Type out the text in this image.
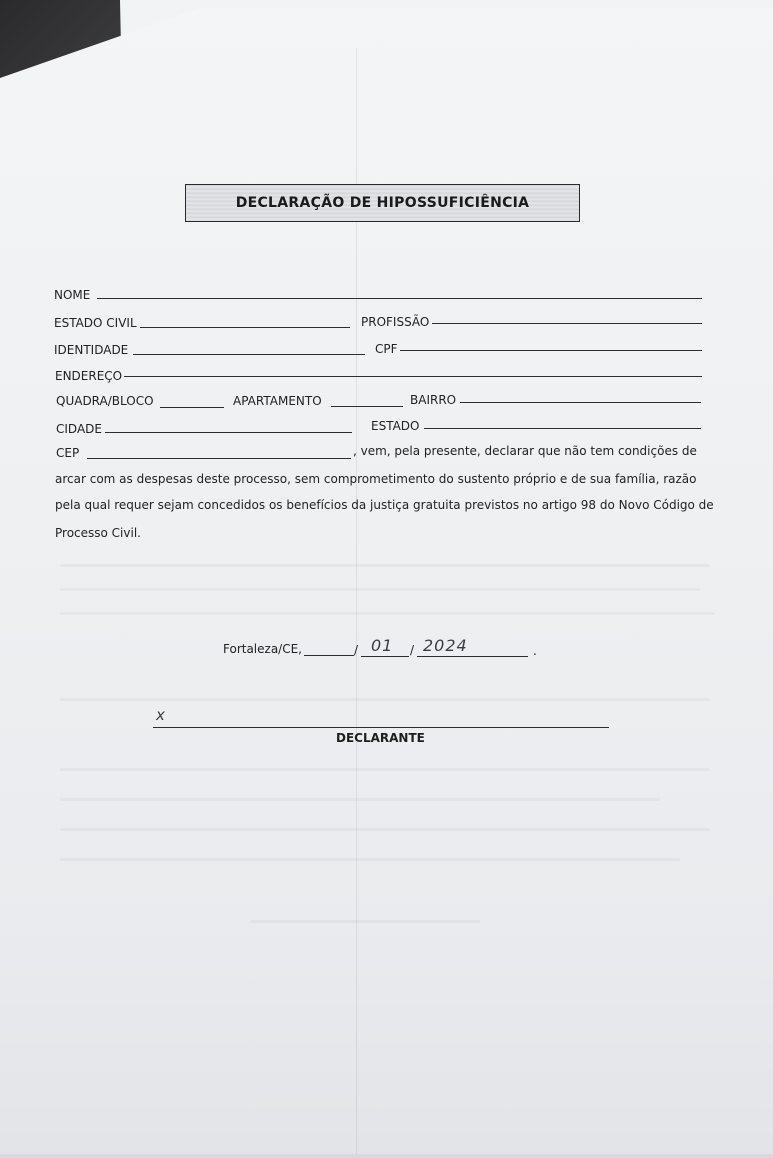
DECLARAÇÃO DE HIPOSSUFICIÊNCIA
NOME
ESTADO CIVIL	PROFISSÃO
IDENTIDADE	CPF
ENDEREÇO
QUADRA/BLOCO	APARTAMENTO	BAIRRO
CIDADE	ESTADO
CEP	, vem, pela presente, declarar que não tem condições de
arcar com as despesas deste processo, sem comprometimento do sustento próprio e de sua família, razão
pela qual requer sejam concedidos os benefícios da justiça gratuita previstos no artigo 98 do Novo Código de
Processo Civil.
Fortaleza/CE,	/ 01 / 2024	.
x
DECLARANTE
